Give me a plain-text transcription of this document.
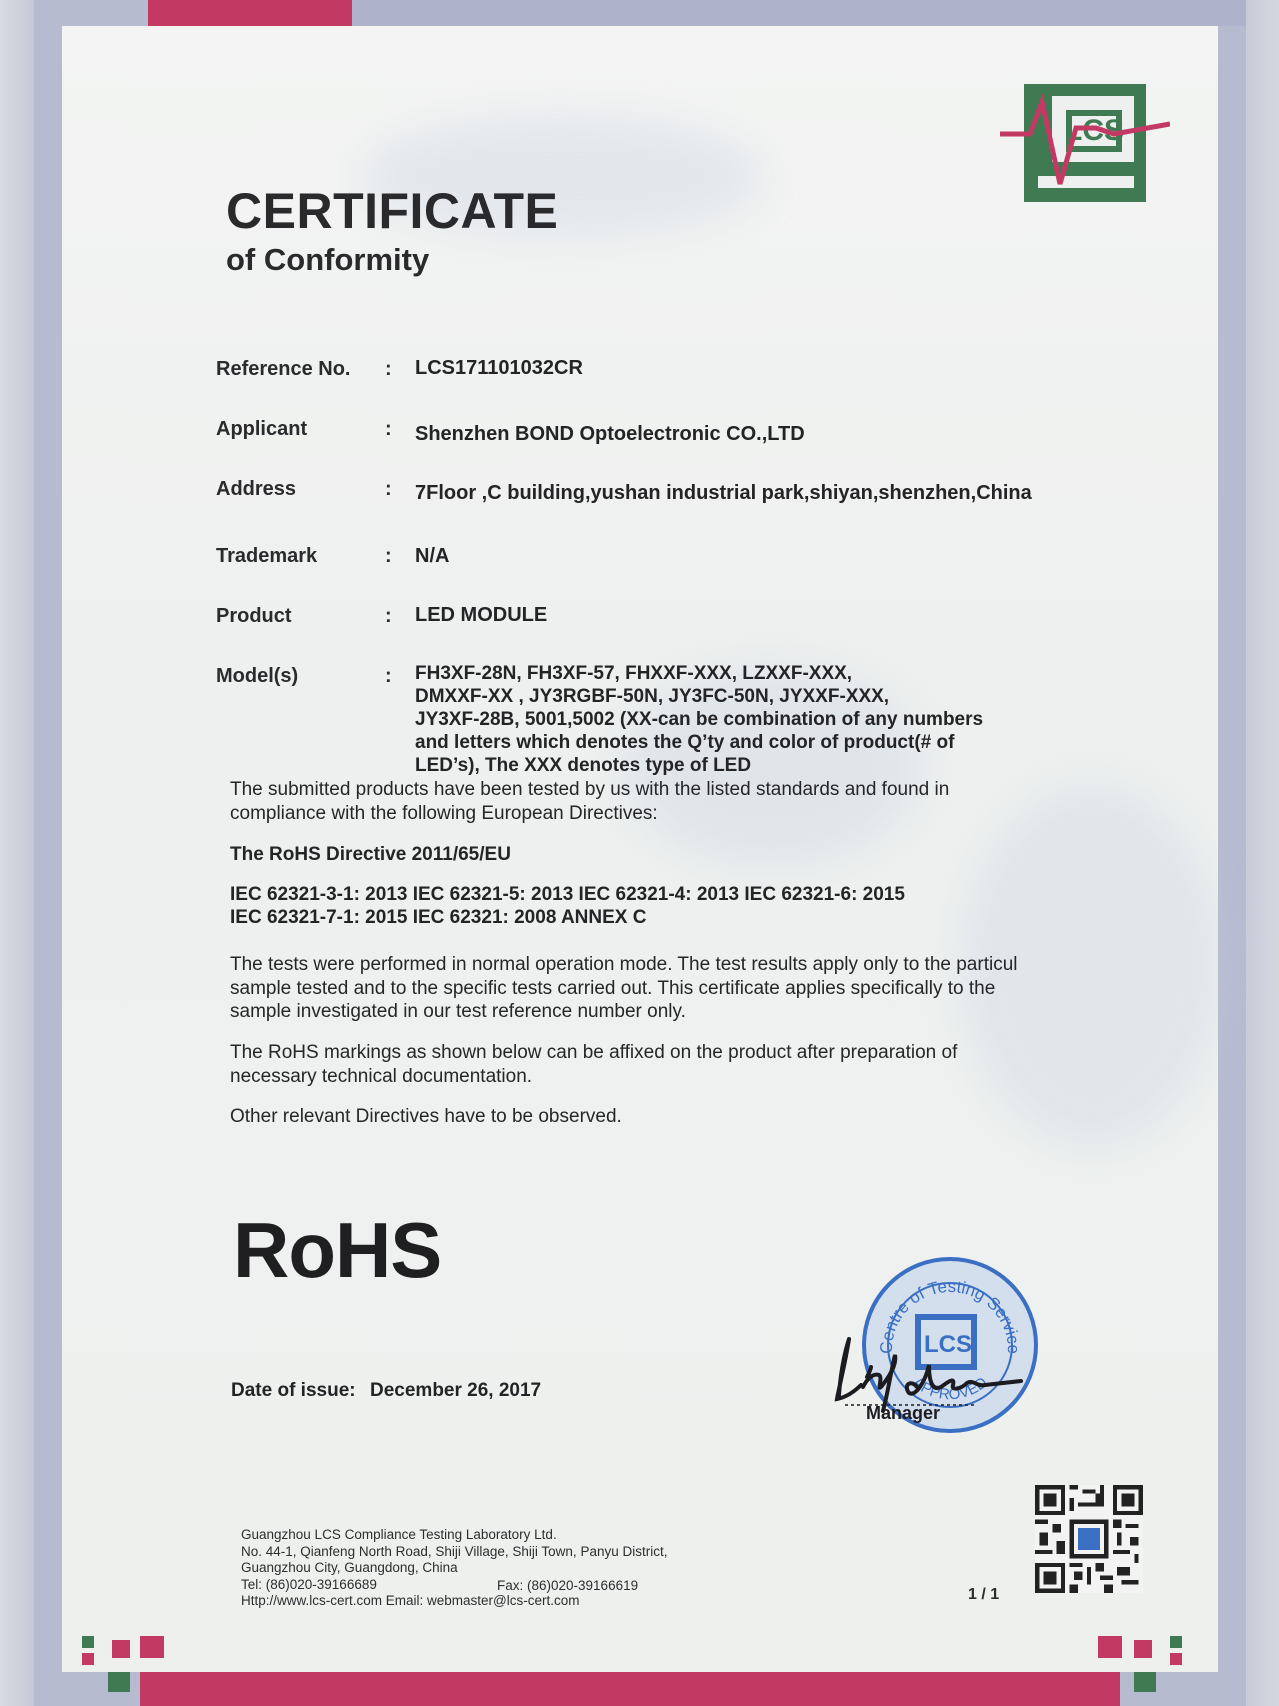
LCS
CERTIFICATE
of Conformity
Reference No. : LCS171101032CR
Applicant	: Shenzhen BOND Optoelectronic CO.,LTD
Address	: 7Floor ,C building,yushan industrial park,shiyan,shenzhen,China
Trademark	: N/A
Product	: LED MODULE
Model(s)	: FH3XF-28N, FH3XF-57, FHXXF-XXX, LZXXF-XXX,
DMXXF-XX , JY3RGBF-50N, JY3FC-50N, JYXXF-XXX,
JY3XF-28B, 5001,5002 (XX-can be combination of any numbers
and letters which denotes the Q’ty and color of product(# of
LED’s), The XXX denotes type of LED
The submitted products have been tested by us with the listed standards and found in
compliance with the following European Directives:
The RoHS Directive 2011/65/EU
IEC 62321-3-1: 2013 IEC 62321-5: 2013 IEC 62321-4: 2013 IEC 62321-6: 2015
IEC 62321-7-1: 2015 IEC 62321: 2008 ANNEX C
The tests were performed in normal operation mode. The test results apply only to the particul
sample tested and to the specific tests carried out. This certificate applies specifically to the
sample investigated in our test reference number only.
The RoHS markings as shown below can be affixed on the product after preparation of
necessary technical documentation.
Other relevant Directives have to be observed.
RoHS
Date of issue: December 26, 2017
Centre of Testing Service
APPROVED
LCS
Manager
Guangzhou LCS Compliance Testing Laboratory Ltd.
No. 44-1, Qianfeng North Road, Shiji Village, Shiji Town, Panyu District,
Guangzhou City, Guangdong, China
Tel: (86)020-39166689
Http://www.lcs-cert.com Email: webmaster@lcs-cert.com
Fax: (86)020-39166619
1 / 1
